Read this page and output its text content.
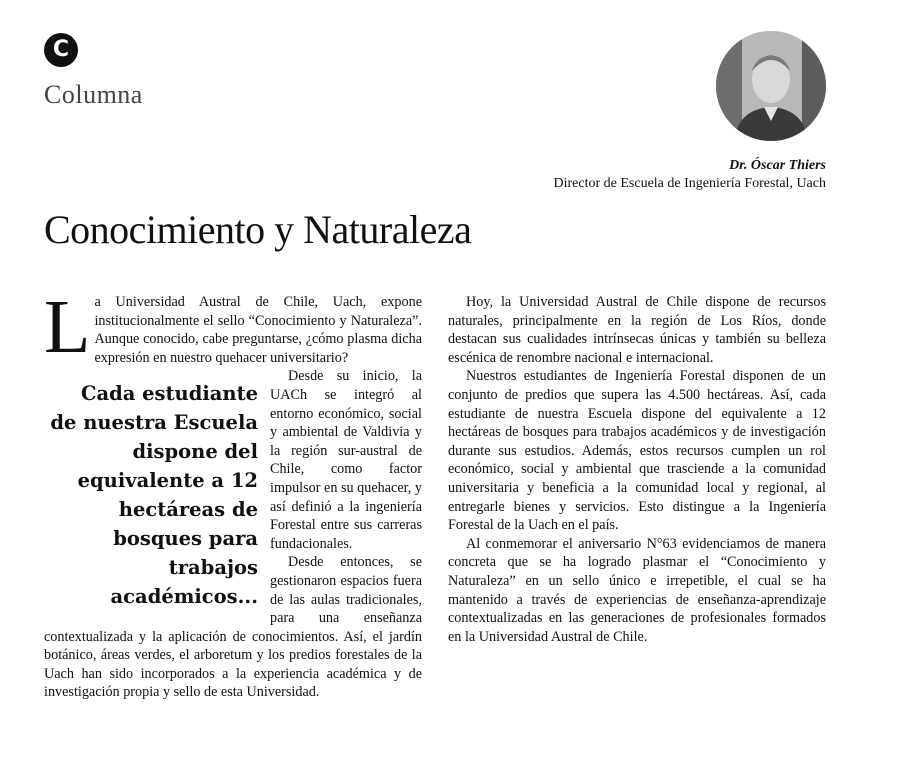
C
Columna
Dr. Óscar Thiers
Director de Escuela de Ingeniería Forestal, Uach
Conocimiento y Naturaleza
L a Universidad Austral de Chile, Uach, expone institucionalmente el sello “Conocimiento y Naturaleza”. Aunque conocido, cabe preguntarse, ¿cómo plasma dicha expresión en nuestro quehacer universitario?

Cada estudiante de nuestra Escuela dispone del equivalente a 12 hectáreas de bosques para trabajos académicos...
Desde su inicio, la UACh se integró al entorno económico, social y ambiental de Valdivia y la región sur-austral de Chile, como factor impulsor en su quehacer, y así definió a la ingeniería Forestal entre sus carreras fundacionales.

Desde entonces, se gestionaron espacios fuera de las aulas tradicionales, para una enseñanza contextualizada y la aplicación de conocimientos. Así, el jardín botánico, áreas verdes, el arboretum y los predios forestales de la Uach han sido incorporados a la experiencia académica y de investigación propia y sello de esta Universidad.

Hoy, la Universidad Austral de Chile dispone de recursos naturales, principalmente en la región de Los Ríos, donde destacan sus cualidades intrínsecas únicas y también su belleza escénica de renombre nacional e internacional.

Nuestros estudiantes de Ingeniería Forestal disponen de un conjunto de predios que supera las 4.500 hectáreas. Así, cada estudiante de nuestra Escuela dispone del equivalente a 12 hectáreas de bosques para trabajos académicos y de investigación durante sus estudios. Además, estos recursos cumplen un rol económico, social y ambiental que trasciende a la comunidad universitaria y beneficia a la comunidad local y regional, al entregarle bienes y servicios. Esto distingue a la Ingeniería Forestal de la Uach en el país.

Al conmemorar el aniversario N°63 evidenciamos de manera concreta que se ha logrado plasmar el “Conocimiento y Naturaleza” en un sello único e irrepetible, el cual se ha mantenido a través de experiencias de enseñanza-aprendizaje contextualizadas en las generaciones de profesionales formados en la Universidad Austral de Chile.
